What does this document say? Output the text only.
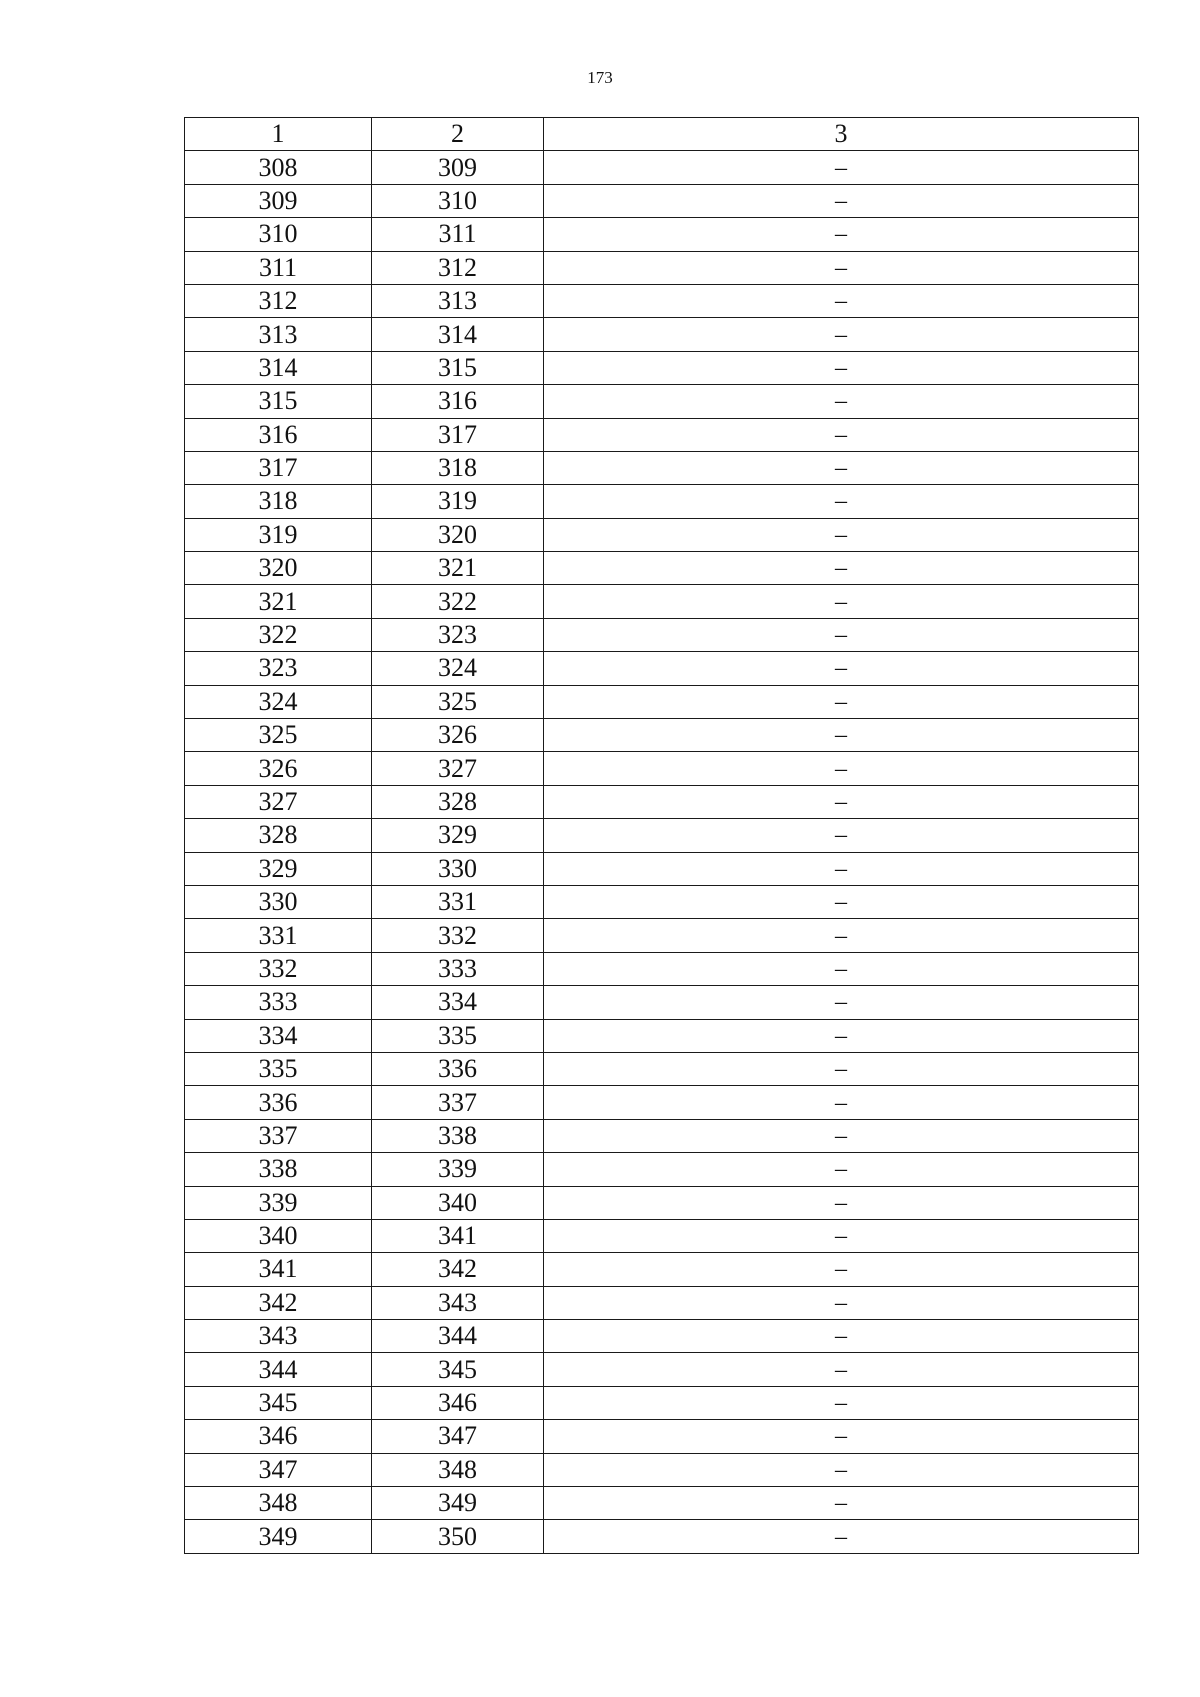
173
1	2	3
308	309	–
309	310	–
310	311	–
311	312	–
312	313	–
313	314	–
314	315	–
315	316	–
316	317	–
317	318	–
318	319	–
319	320	–
320	321	–
321	322	–
322	323	–
323	324	–
324	325	–
325	326	–
326	327	–
327	328	–
328	329	–
329	330	–
330	331	–
331	332	–
332	333	–
333	334	–
334	335	–
335	336	–
336	337	–
337	338	–
338	339	–
339	340	–
340	341	–
341	342	–
342	343	–
343	344	–
344	345	–
345	346	–
346	347	–
347	348	–
348	349	–
349	350	–
